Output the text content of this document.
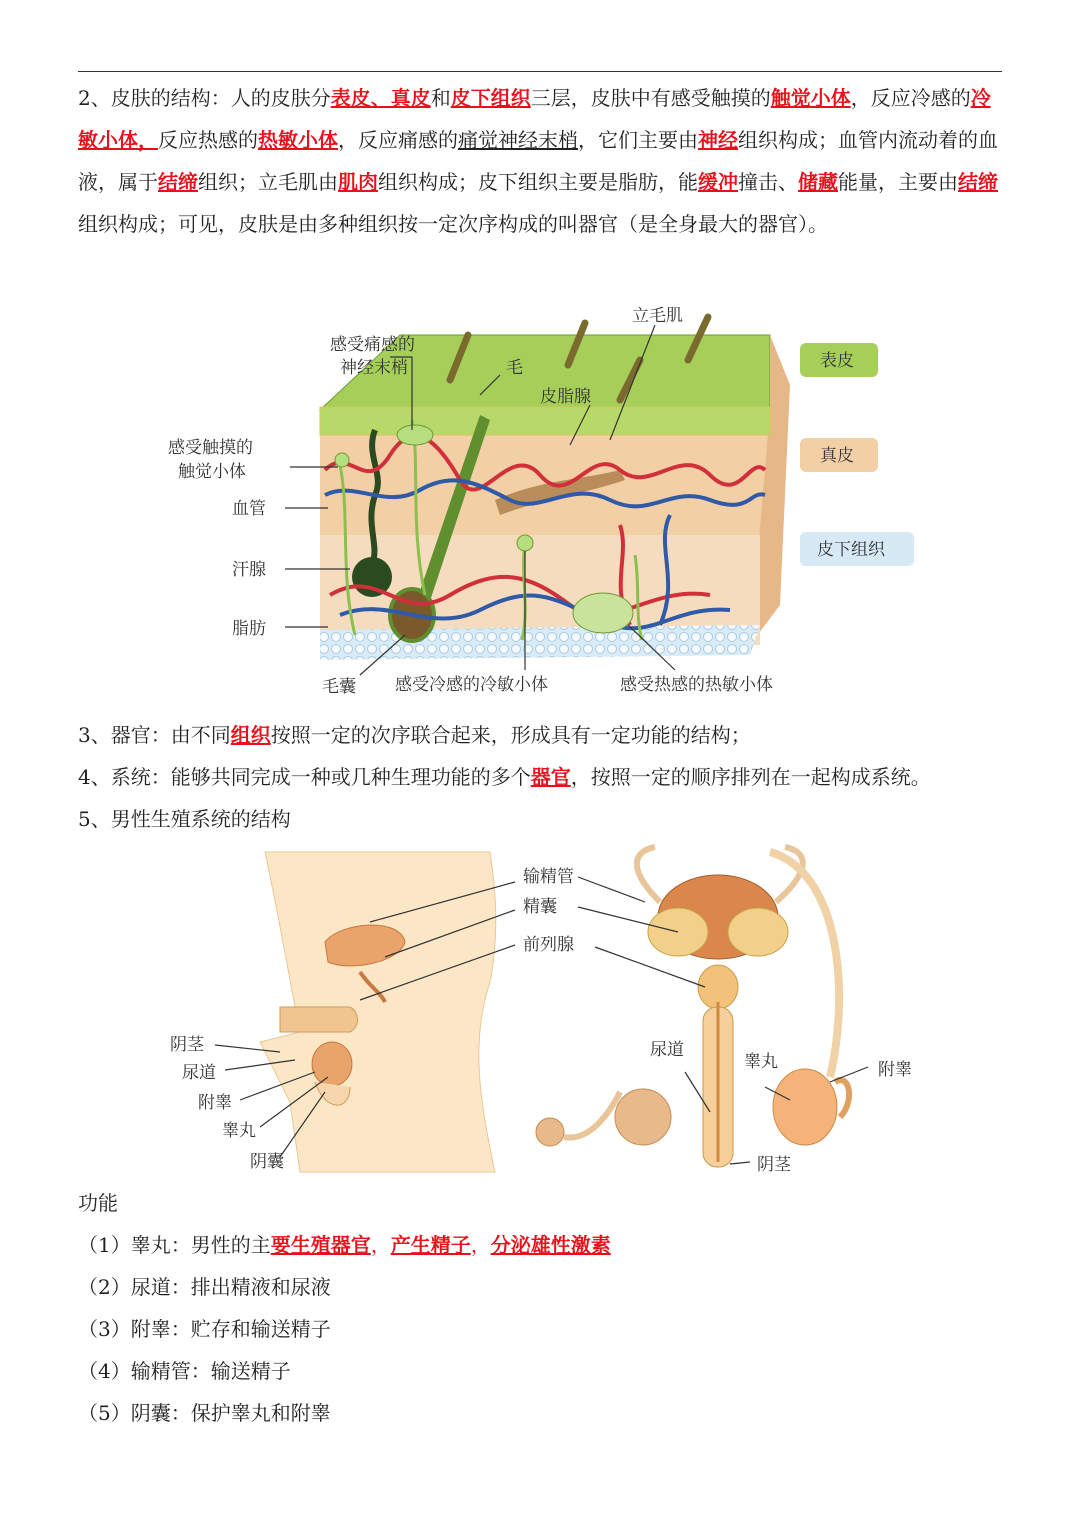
2、皮肤的结构：人的皮肤分表皮、真皮和皮下组织三层，皮肤中有感受触摸的触觉小体，反应冷感的冷敏小体，反应热感的热敏小体，反应痛感的痛觉神经末梢，它们主要由神经组织构成；血管内流动着的血液，属于结缔组织；立毛肌由肌肉组织构成；皮下组织主要是脂肪，能缓冲撞击、储藏能量，主要由结缔组织构成；可见，皮肤是由多种组织按一定次序构成的叫器官（是全身最大的器官）。

感受痛感的
神经末梢	毛
立毛肌
皮脂腺
感受触摸的
触觉小体
血管
汗腺
脂肪
毛囊 感受冷感的冷敏小体	感受热感的热敏小体
表皮
真皮
皮下组织
3、器官：由不同组织按照一定的次序联合起来，形成具有一定功能的结构；
4、系统：能够共同完成一种或几种生理功能的多个器官，按照一定的顺序排列在一起构成系统。
5、男性生殖系统的结构
输精管
精囊
前列腺
阴茎
尿道
附睾
睾丸
阴囊
尿道
睾丸	附睾
阴茎
功能
（1）睾丸：男性的主要生殖器官，产生精子，分泌雄性激素
（2）尿道：排出精液和尿液
（3）附睾：贮存和输送精子
（4）输精管：输送精子
（5）阴囊：保护睾丸和附睾
